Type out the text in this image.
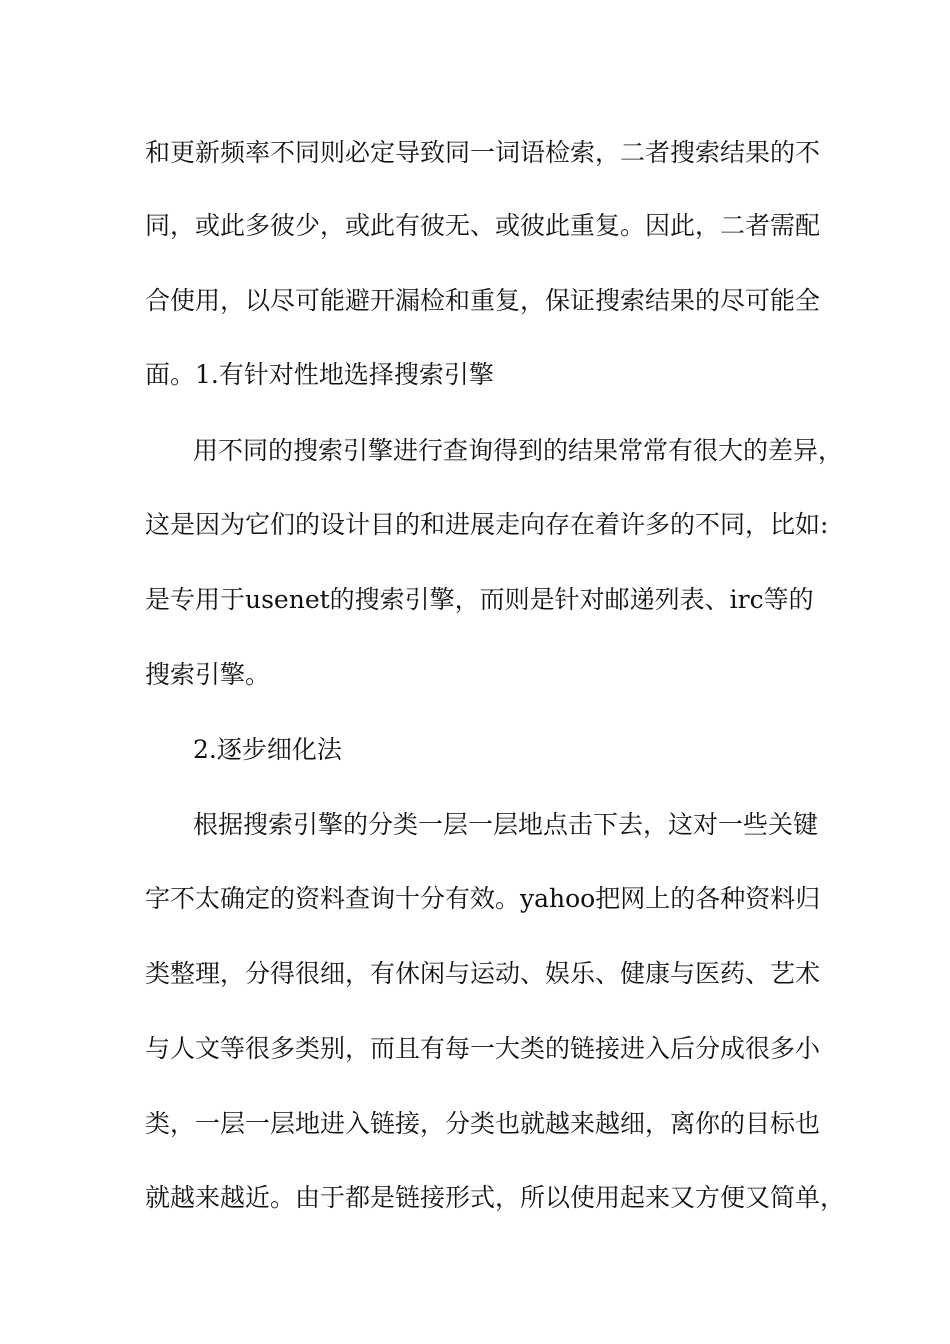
和更新频率不同则必定导致同一词语检索，二者搜索结果的不
同，或此多彼少，或此有彼无、或彼此重复。因此，二者需配
合使用，以尽可能避开漏检和重复，保证搜索结果的尽可能全
面。1.有针对性地选择搜索引擎
用不同的搜索引擎进行查询得到的结果常常有很大的差异，
这是因为它们的设计目的和进展走向存在着许多的不同，比如:
是专用于usenet的搜索引擎，而则是针对邮递列表、irc等的
搜索引擎。
2.逐步细化法
根据搜索引擎的分类一层一层地点击下去，这对一些关键
字不太确定的资料查询十分有效。yahoo把网上的各种资料归
类整理，分得很细，有休闲与运动、娱乐、健康与医药、艺术
与人文等很多类别，而且有每一大类的链接进入后分成很多小
类，一层一层地进入链接，分类也就越来越细，离你的目标也
就越来越近。由于都是链接形式，所以使用起来又方便又简单，
